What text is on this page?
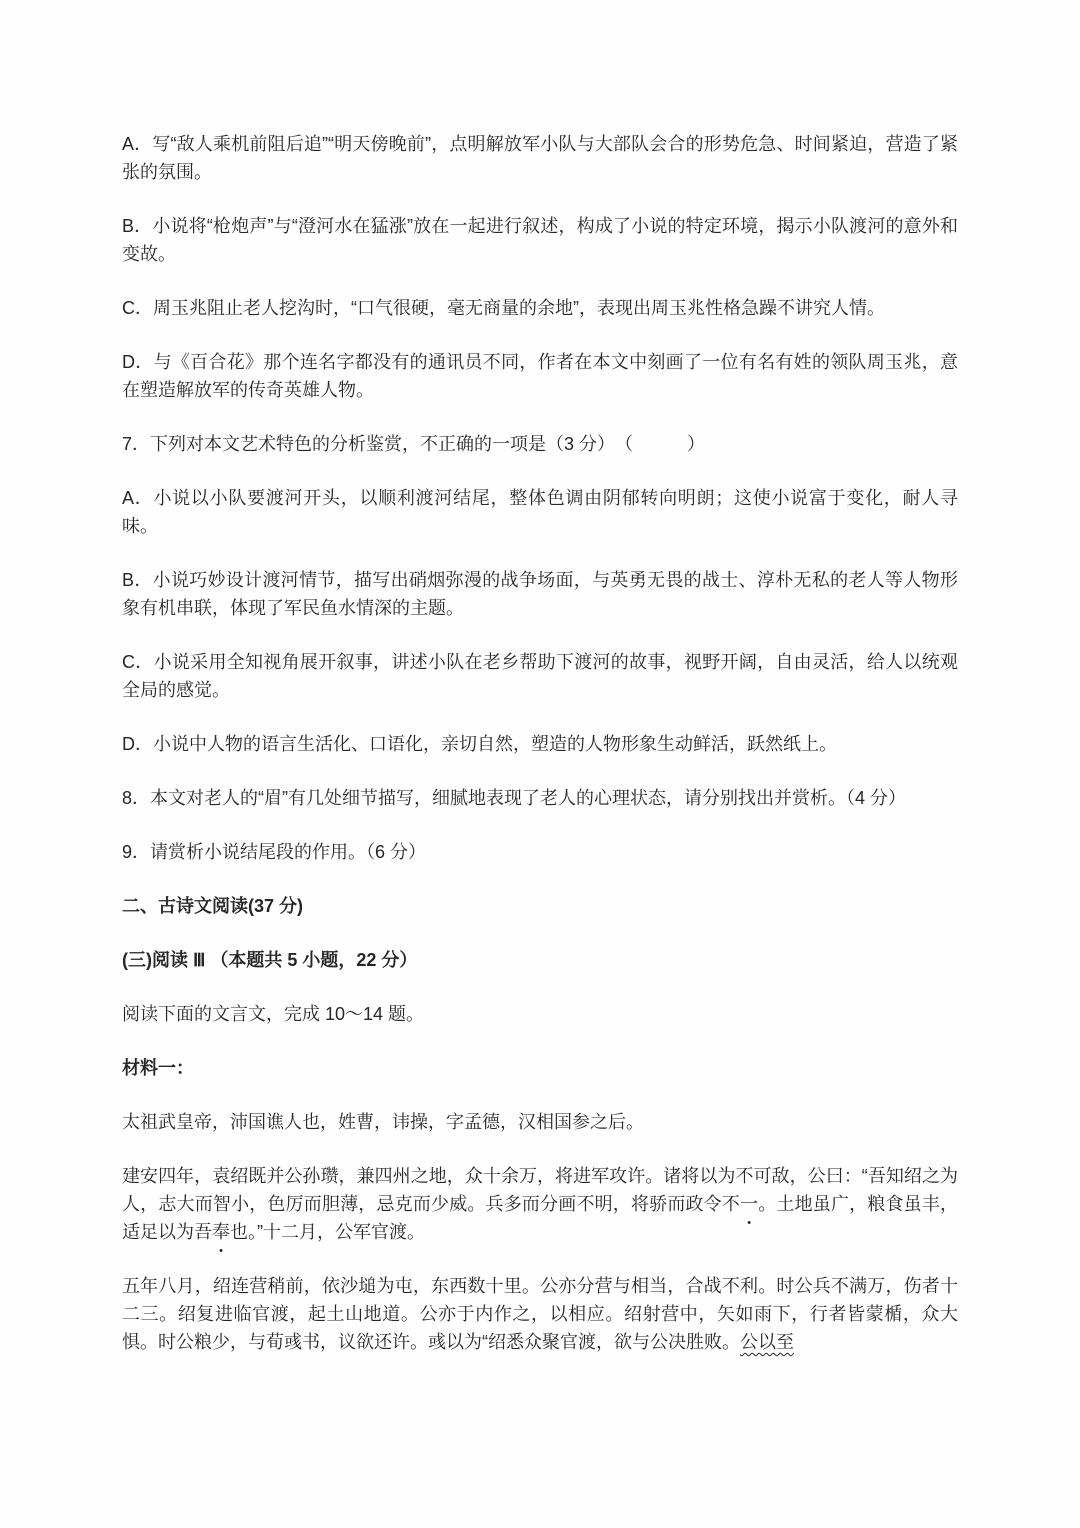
A．写“敌人乘机前阻后追”“明天傍晚前”，点明解放军小队与大部队会合的形势危急、时间紧迫，营造了紧张的氛围。

B．小说将“枪炮声”与“澄河水在猛涨”放在一起进行叙述，构成了小说的特定环境，揭示小队渡河的意外和变故。

C．周玉兆阻止老人挖沟时，“口气很硬，毫无商量的余地”，表现出周玉兆性格急躁不讲究人情。

D．与《百合花》那个连名字都没有的通讯员不同，作者在本文中刻画了一位有名有姓的领队周玉兆，意在塑造解放军的传奇英雄人物。

7．下列对本文艺术特色的分析鉴赏，不正确的一项是（3 分）　（　　　）

A．小说以小队要渡河开头，以顺利渡河结尾，整体色调由阴郁转向明朗；这使小说富于变化，耐人寻味。

B．小说巧妙设计渡河情节，描写出硝烟弥漫的战争场面，与英勇无畏的战士、淳朴无私的老人等人物形象有机串联，体现了军民鱼水情深的主题。

C．小说采用全知视角展开叙事，讲述小队在老乡帮助下渡河的故事，视野开阔，自由灵活，给人以统观全局的感觉。

D．小说中人物的语言生活化、口语化，亲切自然，塑造的人物形象生动鲜活，跃然纸上。

8．本文对老人的“眉”有几处细节描写，细腻地表现了老人的心理状态，请分别找出并赏析。（4 分）

9．请赏析小说结尾段的作用。（6 分）

二、古诗文阅读(37 分)

(三)阅读 Ⅲ （本题共 5 小题，22 分）

阅读下面的文言文，完成 10～14 题。

材料一：

太祖武皇帝，沛国谯人也，姓曹，讳操，字孟德，汉相国参之后。

建安四年，袁绍既并公孙瓒，兼四州之地，众十余万，将进军攻许。诸将以为不可敌，公曰：“吾知绍之为人，志大而智小，色厉而胆薄，忌克而少威。兵多而分画不明，将骄而政令不一。土地虽广，粮食虽丰，适足以为吾奉也。”十二月，公军官渡。

五年八月，绍连营稍前，依沙塠为屯，东西数十里。公亦分营与相当，合战不利。时公兵不满万，伤者十二三。绍复进临官渡，起土山地道。公亦于内作之，以相应。绍射营中，矢如雨下，行者皆蒙楯，众大惧。时公粮少，与荀彧书，议欲还许。彧以为“绍悉众聚官渡，欲与公决胜败。公以至
